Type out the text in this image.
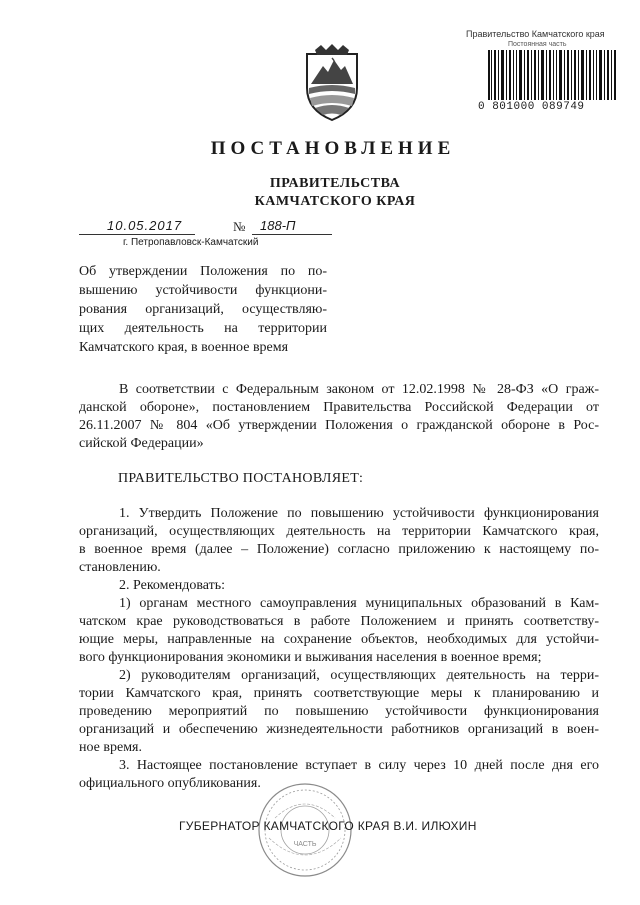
Правительство Камчатского края
Постоянная часть
0 801000 089749
ПОСТАНОВЛЕНИЕ
ПРАВИТЕЛЬСТВА
КАМЧАТСКОГО КРАЯ
10.05.2017	№ 188-П
г. Петропавловск-Камчатский
Об утверждении Положения по по-
вышению устойчивости функциони-
рования организаций, осуществляю-
щих деятельность на территории
Камчатского края, в военное время
В соответствии с Федеральным законом от 12.02.1998 № 28-ФЗ «О граж-
данской обороне», постановлением Правительства Российской Федерации от
26.11.2007 № 804 «Об утверждении Положения о гражданской обороне в Рос-
сийской Федерации»
ПРАВИТЕЛЬСТВО ПОСТАНОВЛЯЕТ:
1. Утвердить Положение по повышению устойчивости функционирования
организаций, осуществляющих деятельность на территории Камчатского края,
в военное время (далее – Положение) согласно приложению к настоящему по-
становлению.
2. Рекомендовать:
1) органам местного самоуправления муниципальных образований в Кам-
чатском крае руководствоваться в работе Положением и принять соответству-
ющие меры, направленные на сохранение объектов, необходимых для устойчи-
вого функционирования экономики и выживания населения в военное время;
2) руководителям организаций, осуществляющих деятельность на терри-
тории Камчатского края, принять соответствующие меры к планированию и
проведению мероприятий по повышению устойчивости функционирования
организаций и обеспечению жизнедеятельности работников организаций в воен-
ное время.
3. Настоящее постановление вступает в силу через 10 дней после дня его
официального опубликования.
ЧАСТЬ
ГУБЕРНАТОР КАМЧАТСКОГО КРАЯ В.И. ИЛЮХИН
